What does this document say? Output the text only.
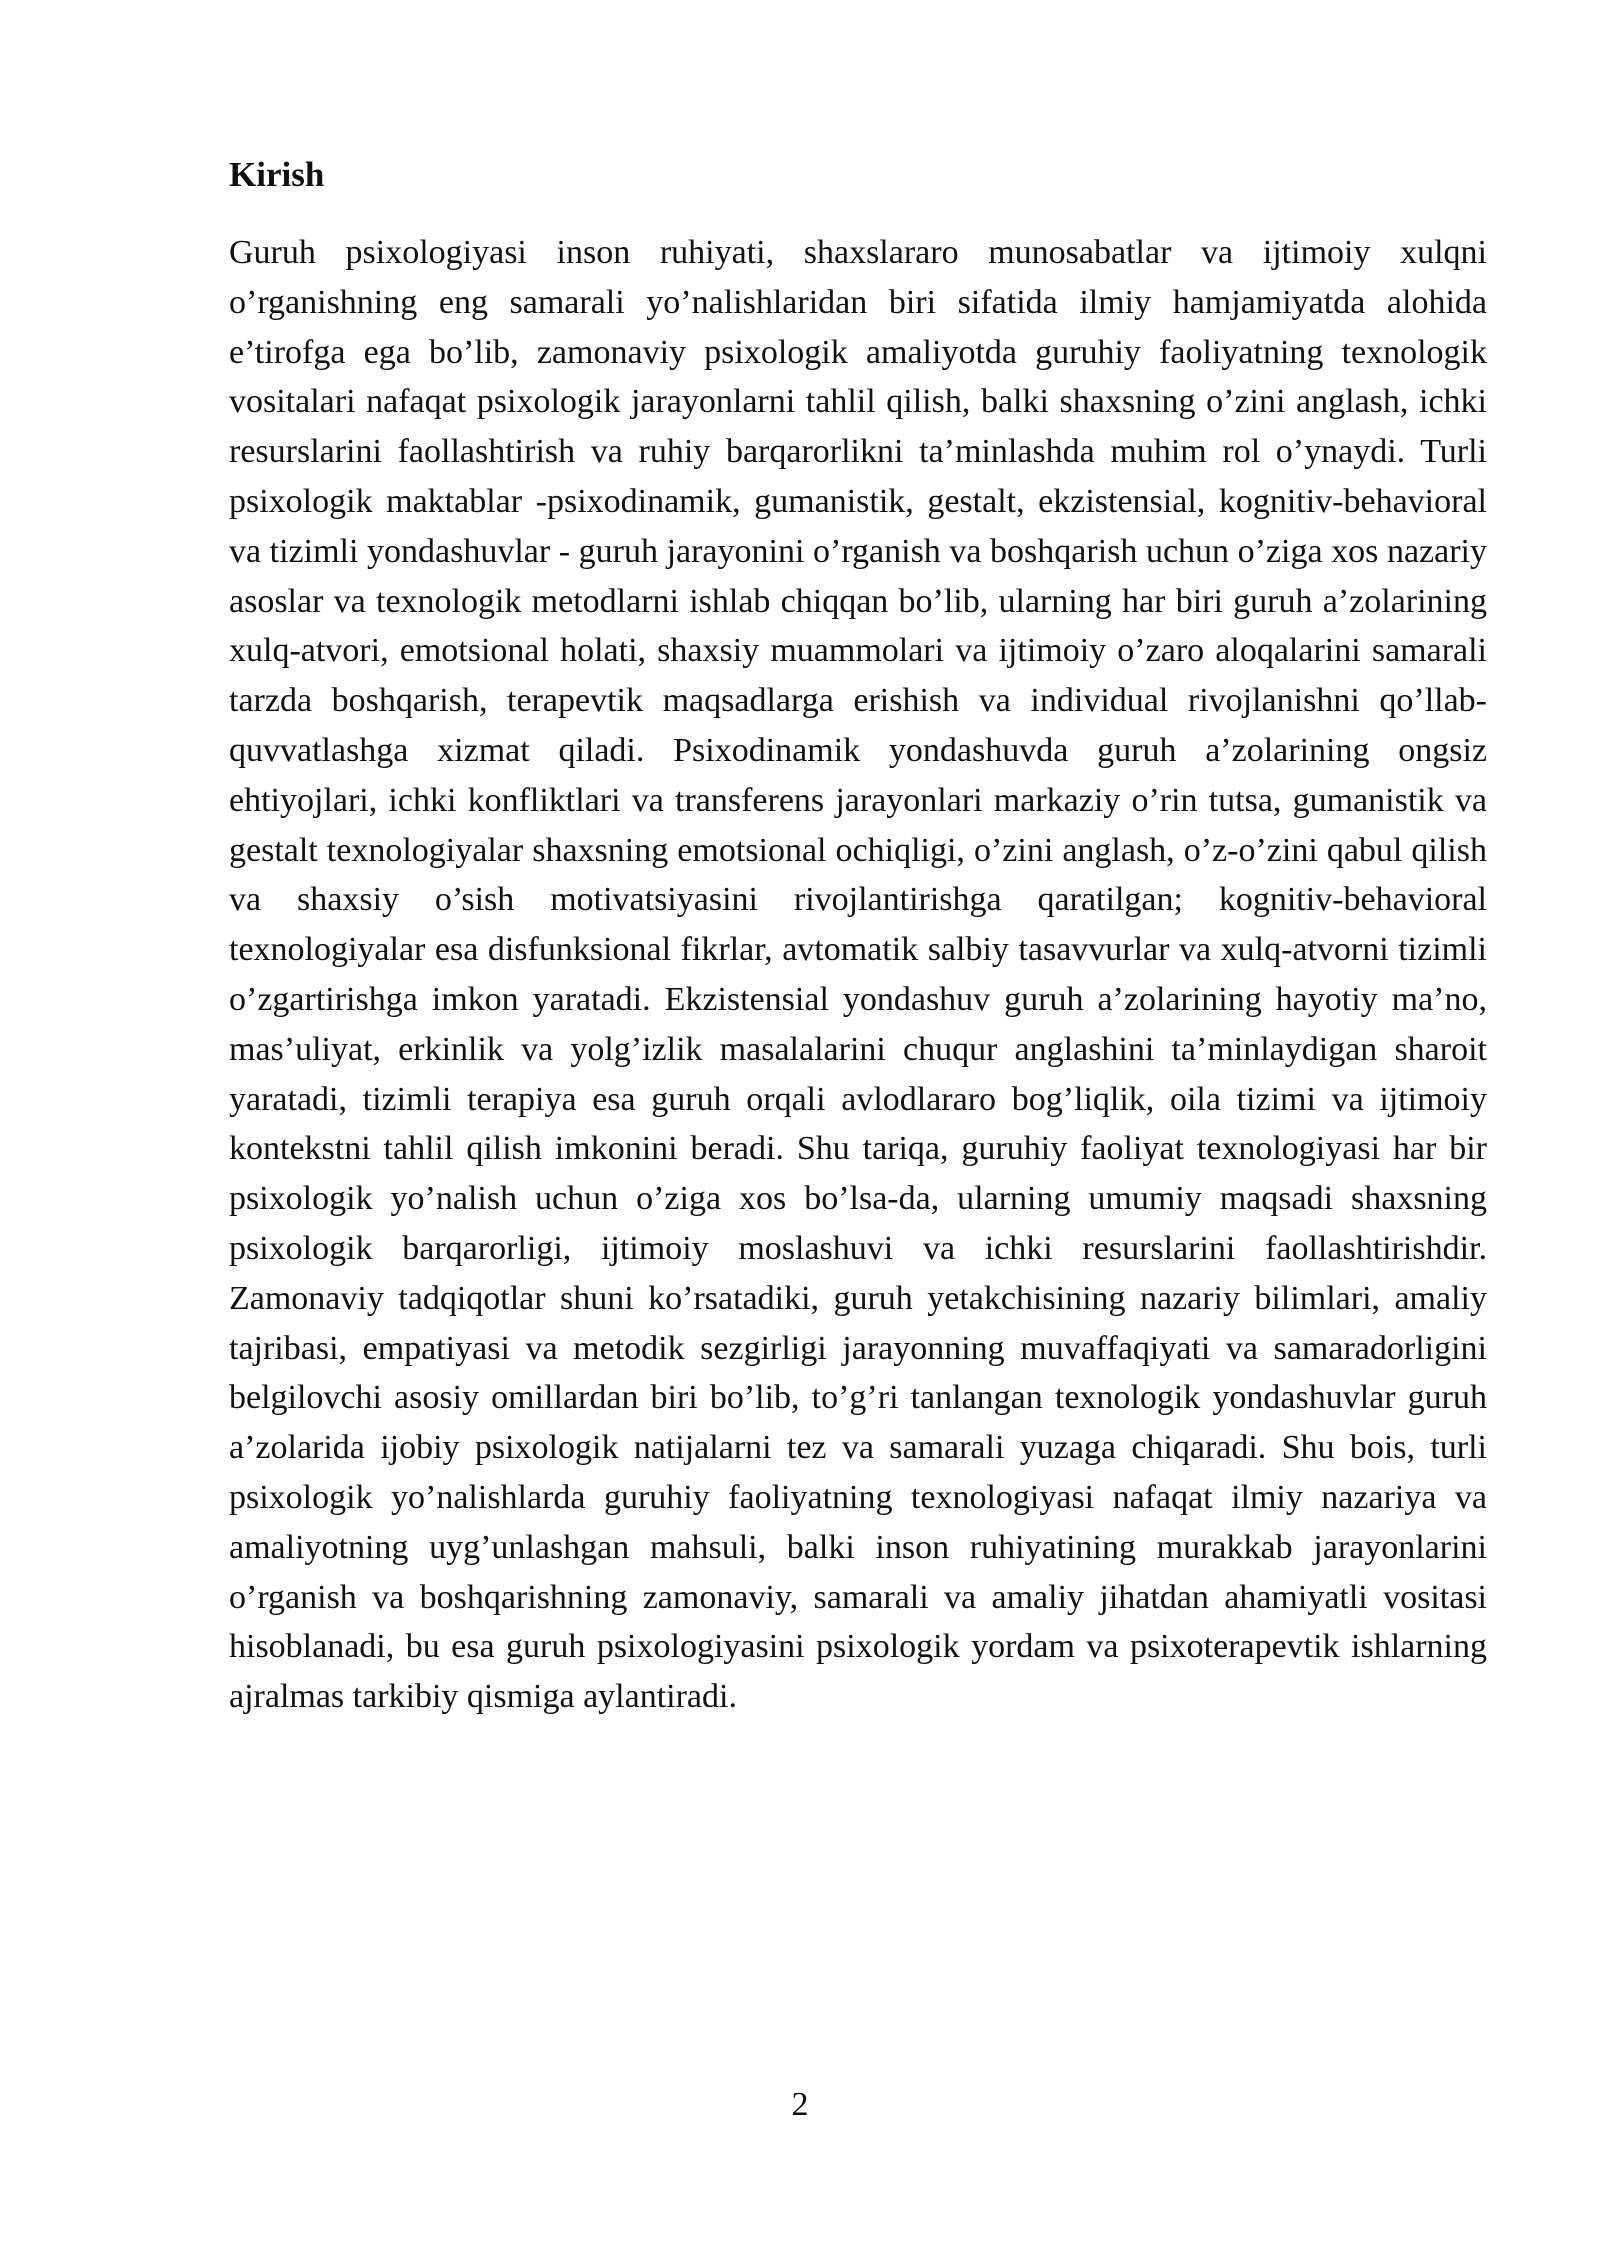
Kirish

Guruh psixologiyasi inson ruhiyati, shaxslararo munosabatlar va ijtimoiy xulqni o’rganishning eng samarali yo’nalishlaridan biri sifatida ilmiy hamjamiyatda alohida e’tirofga ega bo’lib, zamonaviy psixologik amaliyotda guruhiy faoliyatning texnologik vositalari nafaqat psixologik jarayonlarni tahlil qilish, balki shaxsning o’zini anglash, ichki resurslarini faollashtirish va ruhiy barqarorlikni ta’minlashda muhim rol o’ynaydi. Turli psixologik maktablar -psixodinamik, gumanistik, gestalt, ekzistensial, kognitiv-behavioral va tizimli yondashuvlar - guruh jarayonini o’rganish va boshqarish uchun o’ziga xos nazariy asoslar va texnologik metodlarni ishlab chiqqan bo’lib, ularning har biri guruh a’zolarining xulq-atvori, emotsional holati, shaxsiy muammolari va ijtimoiy o’zaro aloqalarini samarali tarzda boshqarish, terapevtik maqsadlarga erishish va individual rivojlanishni qo’llab-quvvatlashga xizmat qiladi. Psixodinamik yondashuvda guruh a’zolarining ongsiz ehtiyojlari, ichki konfliktlari va transferens jarayonlari markaziy o’rin tutsa, gumanistik va gestalt texnologiyalar shaxsning emotsional ochiqligi, o’zini anglash, o’z-o’zini qabul qilish va shaxsiy o’sish motivatsiyasini rivojlantirishga qaratilgan; kognitiv-behavioral texnologiyalar esa disfunksional fikrlar, avtomatik salbiy tasavvurlar va xulq-atvorni tizimli o’zgartirishga imkon yaratadi. Ekzistensial yondashuv guruh a’zolarining hayotiy ma’no, mas’uliyat, erkinlik va yolg’izlik masalalarini chuqur anglashini ta’minlaydigan sharoit yaratadi, tizimli terapiya esa guruh orqali avlodlararo bog’liqlik, oila tizimi va ijtimoiy kontekstni tahlil qilish imkonini beradi. Shu tariqa, guruhiy faoliyat texnologiyasi har bir psixologik yo’nalish uchun o’ziga xos bo’lsa-da, ularning umumiy maqsadi shaxsning psixologik barqarorligi, ijtimoiy moslashuvi va ichki resurslarini faollashtirishdir. Zamonaviy tadqiqotlar shuni ko’rsatadiki, guruh yetakchisining nazariy bilimlari, amaliy tajribasi, empatiyasi va metodik sezgirligi jarayonning muvaffaqiyati va samaradorligini belgilovchi asosiy omillardan biri bo’lib, to’g’ri tanlangan texnologik yondashuvlar guruh a’zolarida ijobiy psixologik natijalarni tez va samarali yuzaga chiqaradi. Shu bois, turli psixologik yo’nalishlarda guruhiy faoliyatning texnologiyasi nafaqat ilmiy nazariya va amaliyotning uyg’unlashgan mahsuli, balki inson ruhiyatining murakkab jarayonlarini o’rganish va boshqarishning zamonaviy, samarali va amaliy jihatdan ahamiyatli vositasi hisoblanadi, bu esa guruh psixologiyasini psixologik yordam va psixoterapevtik ishlarning ajralmas tarkibiy qismiga aylantiradi.

2
